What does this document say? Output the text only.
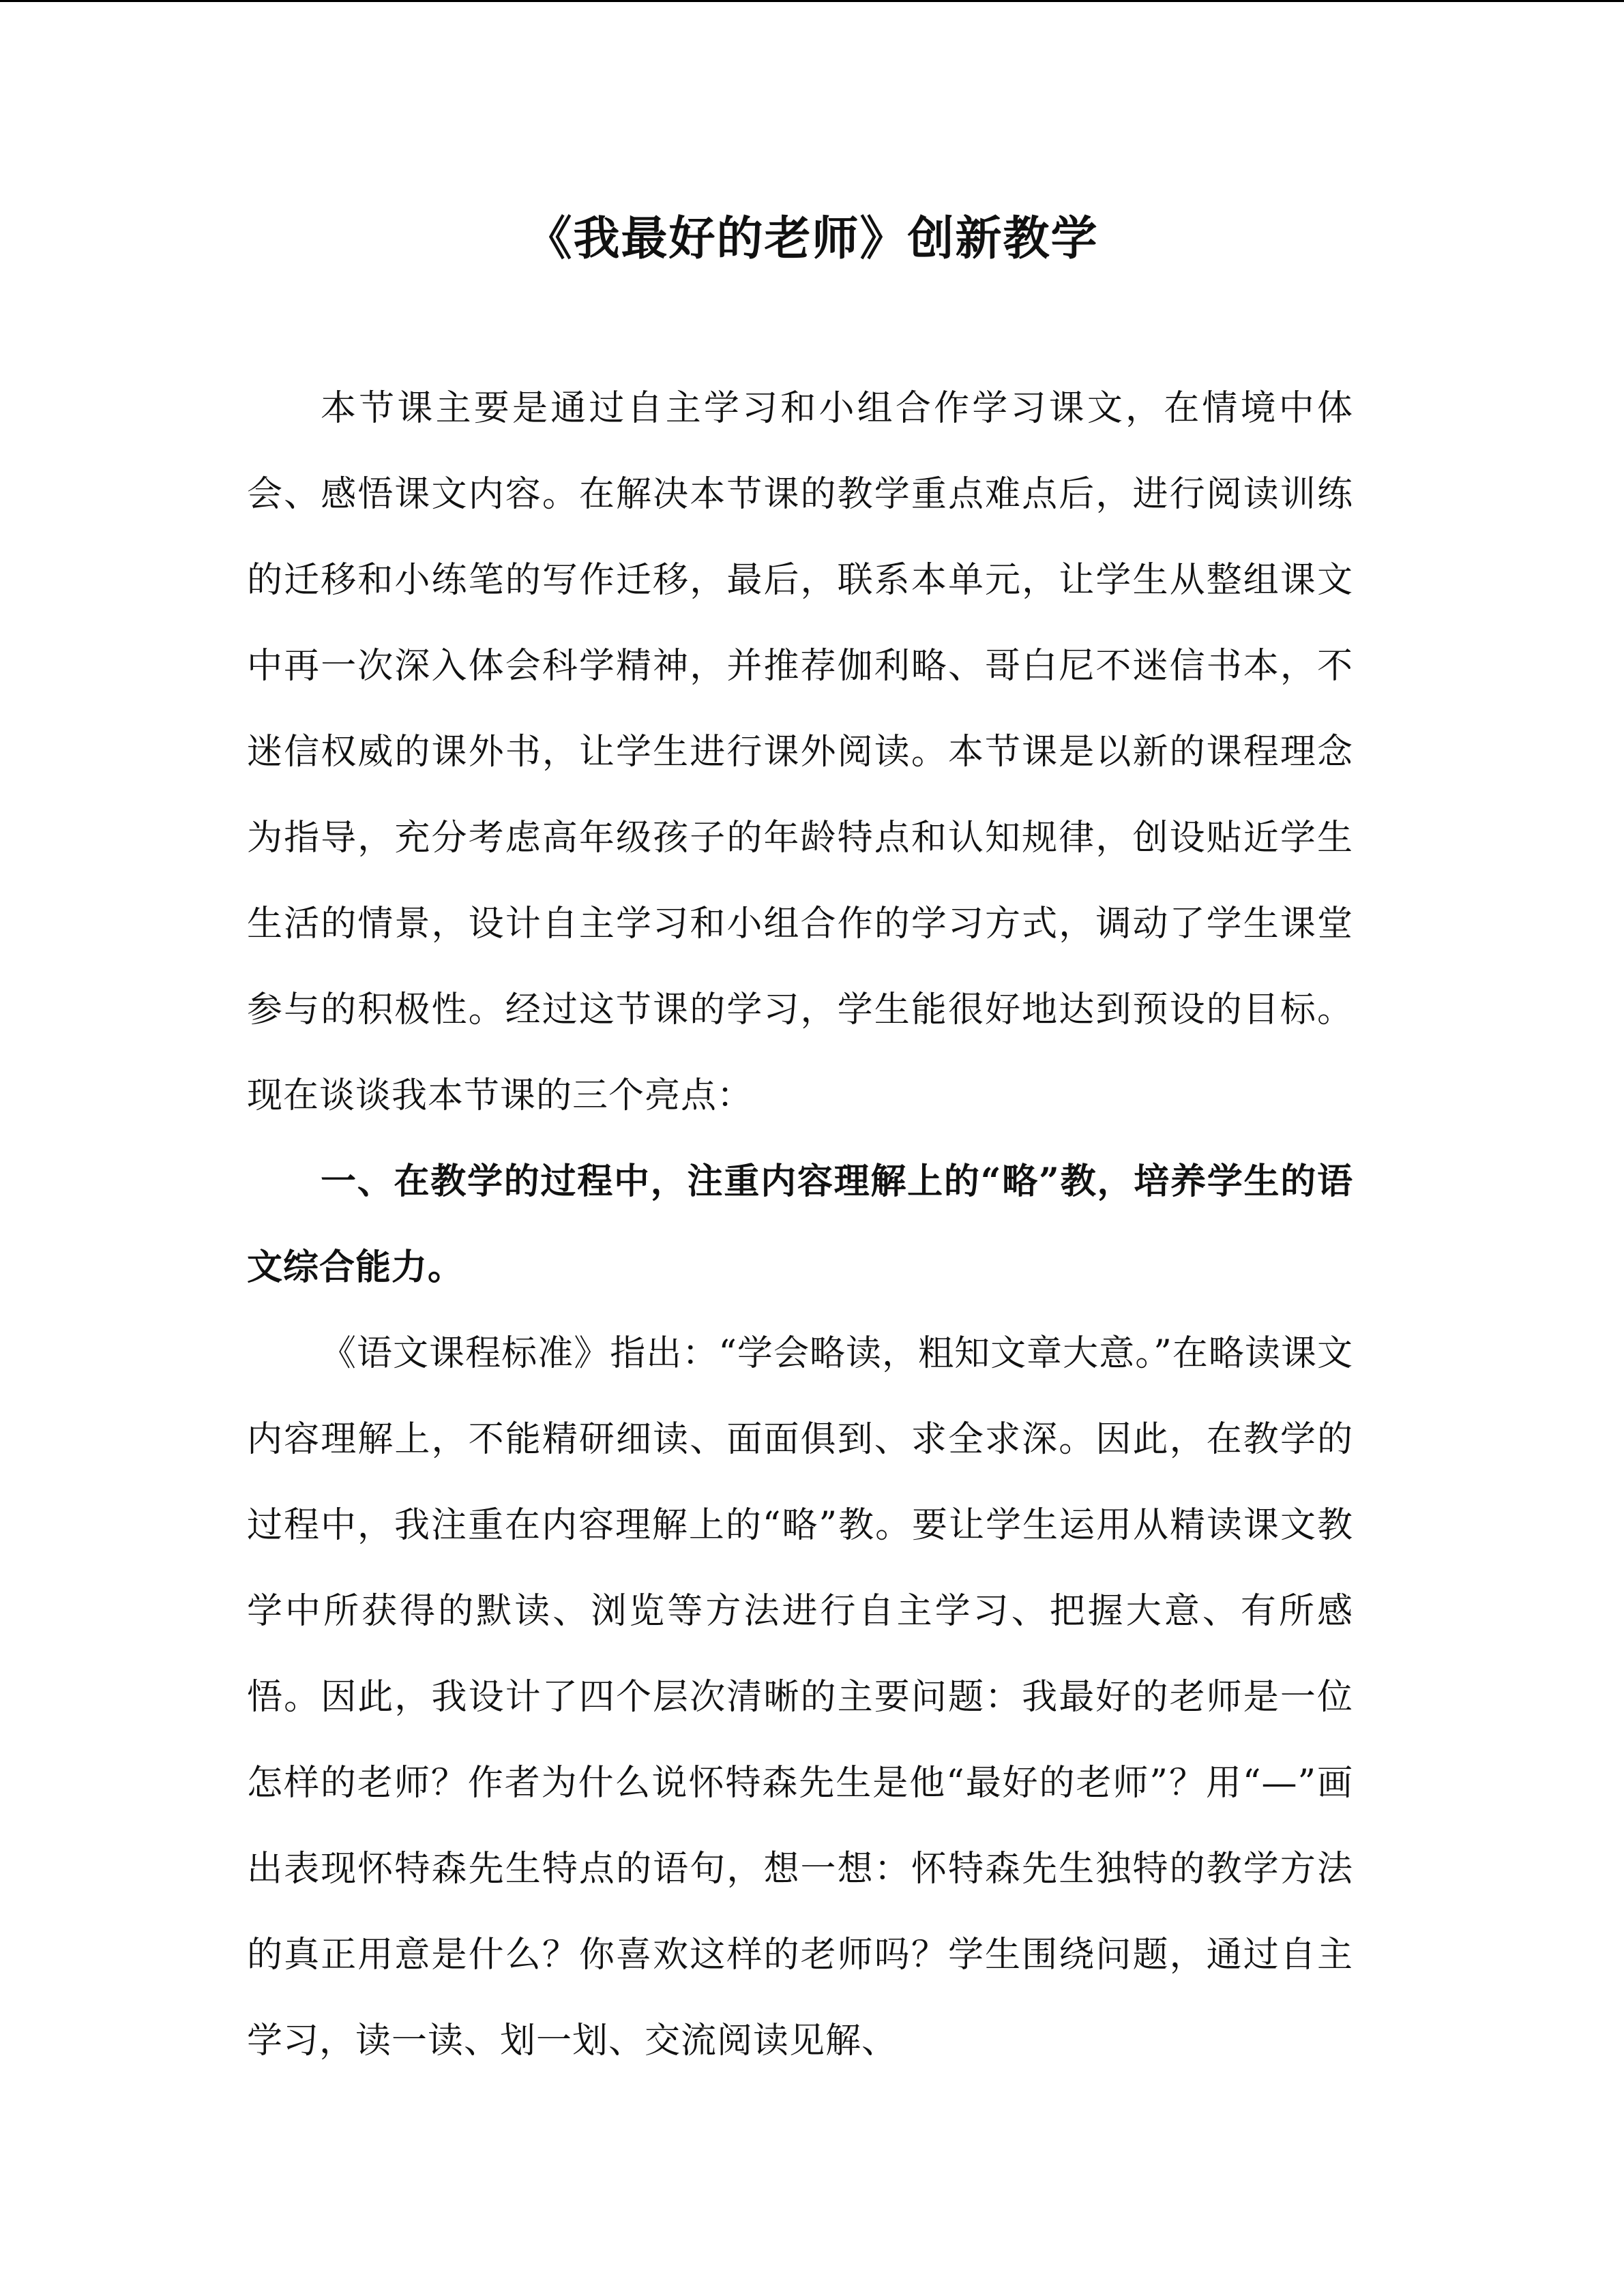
《我最好的老师》创新教学

本节课主要是通过自主学习和小组合作学习课文，在情境中体会、感悟课文内容。在解决本节课的教学重点难点后，进行阅读训练的迁移和小练笔的写作迁移，最后，联系本单元，让学生从整组课文中再一次深入体会科学精神，并推荐伽利略、哥白尼不迷信书本，不迷信权威的课外书，让学生进行课外阅读。本节课是以新的课程理念为指导，充分考虑高年级孩子的年龄特点和认知规律，创设贴近学生生活的情景，设计自主学习和小组合作的学习方式，调动了学生课堂参与的积极性。经过这节课的学习，学生能很好地达到预设的目标。现在谈谈我本节课的三个亮点：

一、在教学的过程中，注重内容理解上的“略”教，培养学生的语文综合能力。

《语文课程标准》指出：“学会略读，粗知文章大意。”在略读课文内容理解上，不能精研细读、面面俱到、求全求深。因此，在教学的过程中，我注重在内容理解上的“略”教。要让学生运用从精读课文教学中所获得的默读、浏览等方法进行自主学习、把握大意、有所感悟。因此，我设计了四个层次清晰的主要问题：我最好的老师是一位怎样的老师？作者为什么说怀特森先生是他“最好的老师”？用“—”画出表现怀特森先生特点的语句，想一想：怀特森先生独特的教学方法的真正用意是什么？你喜欢这样的老师吗？学生围绕问题，通过自主学习，读一读、划一划、交流阅读见解、
